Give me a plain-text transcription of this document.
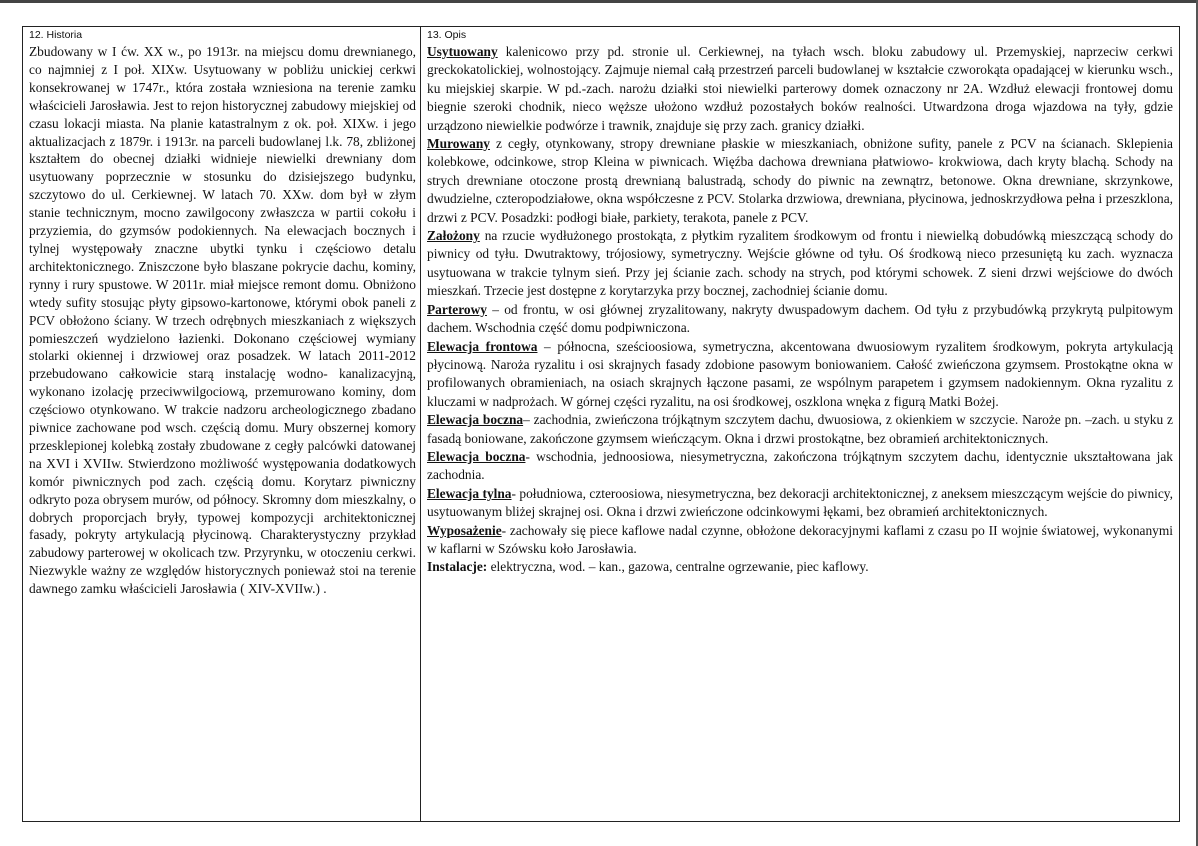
12. Historia

Zbudowany w I ćw. XX w., po 1913r. na miejscu domu drewnianego, co najmniej z I poł. XIXw. Usytuowany w pobliżu unickiej cerkwi konsekrowanej w 1747r., która została wzniesiona na terenie zamku właścicieli Jarosławia. Jest to rejon historycznej zabudowy miejskiej od czasu lokacji miasta. Na planie katastralnym z ok. poł. XIXw. i jego aktualizacjach z 1879r. i 1913r. na parceli budowlanej l.k. 78, zbliżonej kształtem do obecnej działki widnieje niewielki drewniany dom usytuowany poprzecznie w stosunku do dzisiejszego budynku, szczytowo do ul. Cerkiewnej. W latach 70. XXw. dom był w złym stanie technicznym, mocno zawilgocony zwłaszcza w partii cokołu i przyziemia, do gzymsów podokiennych. Na elewacjach bocznych i tylnej występowały znaczne ubytki tynku i częściowo detalu architektonicznego. Zniszczone było blaszane pokrycie dachu, kominy, rynny i rury spustowe. W 2011r. miał miejsce remont domu. Obniżono wtedy sufity stosując płyty gipsowo-kartonowe, którymi obok paneli z PCV obłożono ściany. W trzech odrębnych mieszkaniach z większych pomieszczeń wydzielono łazienki. Dokonano częściowej wymiany stolarki okiennej i drzwiowej oraz posadzek. W latach 2011-2012 przebudowano całkowicie starą instalację wodno- kanalizacyjną, wykonano izolację przeciwwilgociową, przemurowano kominy, dom częściowo otynkowano. W trakcie nadzoru archeologicznego zbadano piwnice zachowane pod wsch. częścią domu. Mury obszernej komory przesklepionej kolebką zostały zbudowane z cegły palcówki datowanej na XVI i XVIIw. Stwierdzono możliwość występowania dodatkowych komór piwnicznych pod zach. częścią domu. Korytarz piwniczny odkryto poza obrysem murów, od północy. Skromny dom mieszkalny, o dobrych proporcjach bryły, typowej kompozycji architektonicznej fasady, pokryty artykulacją płycinową. Charakterystyczny przykład zabudowy parterowej w okolicach tzw. Przyrynku, w otoczeniu cerkwi. Niezwykle ważny ze względów historycznych ponieważ stoi na terenie dawnego zamku właścicieli Jarosławia ( XIV-XVIIw.) .

13. Opis

Usytuowany kalenicowo przy pd. stronie ul. Cerkiewnej, na tyłach wsch. bloku zabudowy ul. Przemyskiej, naprzeciw cerkwi greckokatolickiej, wolnostojący. Zajmuje niemal całą przestrzeń parceli budowlanej w kształcie czworokąta opadającej w kierunku wsch., ku miejskiej skarpie. W pd.-zach. narożu działki stoi niewielki parterowy domek oznaczony nr 2A. Wzdłuż elewacji frontowej domu biegnie szeroki chodnik, nieco węższe ułożono wzdłuż pozostałych boków realności. Utwardzona droga wjazdowa na tyły, gdzie urządzono niewielkie podwórze i trawnik, znajduje się przy zach. granicy działki.

Murowany z cegły, otynkowany, stropy drewniane płaskie w mieszkaniach, obniżone sufity, panele z PCV na ścianach. Sklepienia kolebkowe, odcinkowe, strop Kleina w piwnicach. Więźba dachowa drewniana płatwiowo- krokwiowa, dach kryty blachą. Schody na strych drewniane otoczone prostą drewnianą balustradą, schody do piwnic na zewnątrz, betonowe. Okna drewniane, skrzynkowe, dwudzielne, czteropodziałowe, okna współczesne z PCV. Stolarka drzwiowa, drewniana, płycinowa, jednoskrzydłowa pełna i przeszklona, drzwi z PCV. Posadzki: podłogi białe, parkiety, terakota, panele z PCV.

Założony na rzucie wydłużonego prostokąta, z płytkim ryzalitem środkowym od frontu i niewielką dobudówką mieszczącą schody do piwnicy od tyłu. Dwutraktowy, trójosiowy, symetryczny. Wejście główne od tyłu. Oś środkową nieco przesuniętą ku zach. wyznacza usytuowana w trakcie tylnym sień. Przy jej ścianie zach. schody na strych, pod którymi schowek. Z sieni drzwi wejściowe do dwóch mieszkań. Trzecie jest dostępne z korytarzyka przy bocznej, zachodniej ścianie domu.

Parterowy – od frontu, w osi głównej zryzalitowany, nakryty dwuspadowym dachem. Od tyłu z przybudówką przykrytą pulpitowym dachem. Wschodnia część domu podpiwniczona.

Elewacja frontowa – północna, sześcioosiowa, symetryczna, akcentowana dwuosiowym ryzalitem środkowym, pokryta artykulacją płycinową. Naroża ryzalitu i osi skrajnych fasady zdobione pasowym boniowaniem. Całość zwieńczona gzymsem. Prostokątne okna w profilowanych obramieniach, na osiach skrajnych łączone pasami, ze wspólnym parapetem i gzymsem nadokiennym. Okna ryzalitu z kluczami w nadprożach. W górnej części ryzalitu, na osi środkowej, oszklona wnęka z figurą Matki Bożej.

Elewacja boczna– zachodnia, zwieńczona trójkątnym szczytem dachu, dwuosiowa, z okienkiem w szczycie. Naroże pn. –zach. u styku z fasadą boniowane, zakończone gzymsem wieńczącym. Okna i drzwi prostokątne, bez obramień architektonicznych.

Elewacja boczna- wschodnia, jednoosiowa, niesymetryczna, zakończona trójkątnym szczytem dachu, identycznie ukształtowana jak zachodnia.

Elewacja tylna- południowa, czteroosiowa, niesymetryczna, bez dekoracji architektonicznej, z aneksem mieszczącym wejście do piwnicy, usytuowanym bliżej skrajnej osi. Okna i drzwi zwieńczone odcinkowymi łękami, bez obramień architektonicznych.

Wyposażenie- zachowały się piece kaflowe nadal czynne, obłożone dekoracyjnymi kaflami z czasu po II wojnie światowej, wykonanymi w kaflarni w Szówsku koło Jarosławia.

Instalacje: elektryczna, wod. – kan., gazowa, centralne ogrzewanie, piec kaflowy.
